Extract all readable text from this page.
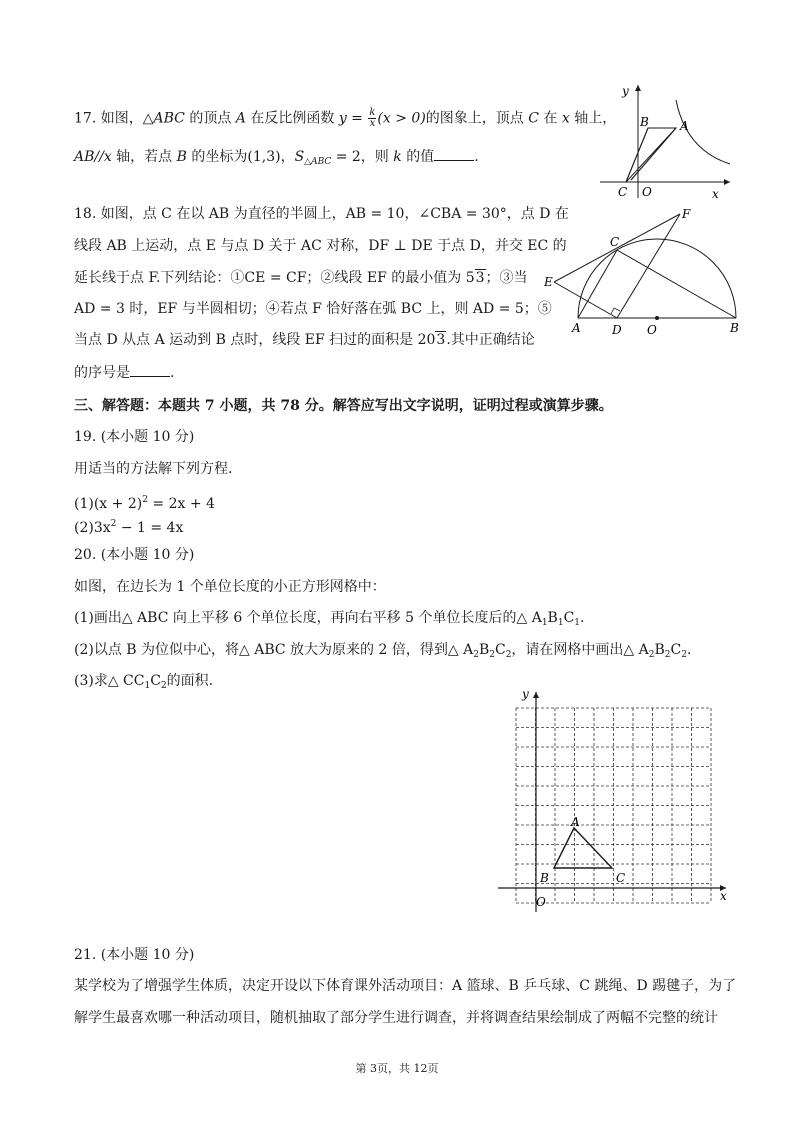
17. 如图，△ABC 的顶点 A 在反比例函数 $y = \frac{k}{x} (x > 0)$的图象上，顶点 C 在 x 轴上，
AB//x 轴，若点 B 的坐标为(1,3)，$S_{\triangle ABC} = 2$，则 k 的值	.
y
x
A
B
C O
18. 如图，点 C 在以 AB 为直径的半圆上，AB = 10，∠CBA = 30°，点 D 在
线段 AB 上运动，点 E 与点 D 关于 AC 对称，DF ⊥ DE 于点 D，并交 EC 的
延长线于点 F.下列结论：①CE = CF；②线段 EF 的最小值为 53；③当
AD = 3 时，EF 与半圆相切；④若点 F 恰好落在弧 BC 上，则 AD = 5；⑤
当点 D 从点 A 运动到 B 点时，线段 EF 扫过的面积是 203.其中正确结论
的序号是	.
A	B
C
D
E
F
O
三、解答题：本题共 7 小题，共 78 分。解答应写出文字说明，证明过程或演算步骤。
19. (本小题 10 分)
用适当的方法解下列方程.
$(1)(x + 2)^2 = 2x + 4$
$(2)3x^2 - 1 = 4x$
20. (本小题 10 分)
如图，在边长为 1 个单位长度的小正方形网格中：
(1)画出△ ABC 向上平移 6 个单位长度，再向右平移 5 个单位长度后的△ $A_1B_1C_1$.
(2)以点 B 为位似中心，将△ ABC 放大为原来的 2 倍，得到△ $A_2B_2C_2$，请在网格中画出△ $A_2B_2C_2$.
(3)求△ $CC_1C_2$的面积.
y
x
A
B	C
O
21. (本小题 10 分)
某学校为了增强学生体质，决定开设以下体育课外活动项目：A 篮球、B 乒乓球、C 跳绳、D 踢毽子，为了
解学生最喜欢哪一种活动项目，随机抽取了部分学生进行调查，并将调查结果绘制成了两幅不完整的统计
第 3页，共 12页
